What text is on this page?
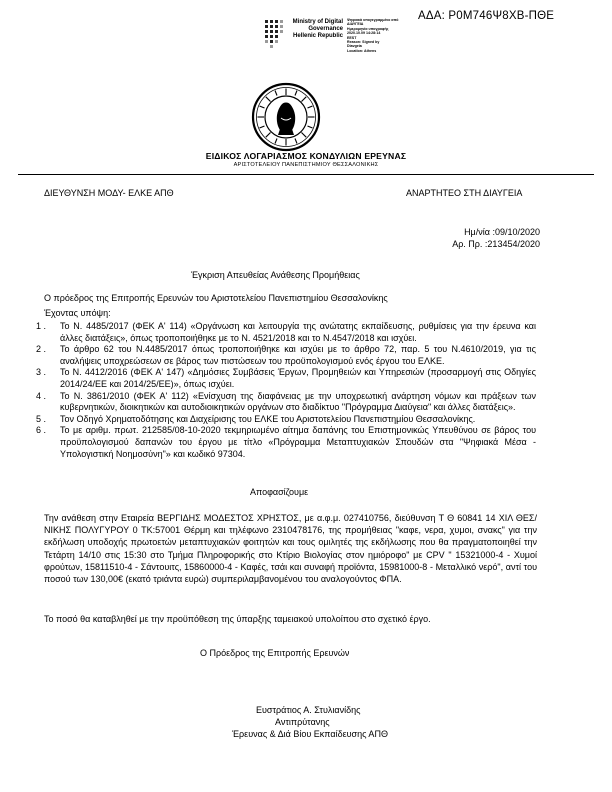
ΑΔΑ: Ρ0Μ746Ψ8ΧΒ-ΠΘΕ
Ministry of Digital
Governance
Hellenic Republic
Ψηφιακά υπογεγραμμένο από
ΔΙΑΥΓΕΙΑ
Ημερομηνία υπογραφής
2020.10.09 14:28:14
EEST
Reason: Signed by
Diavgeia
Location: Athens
ΕΙΔΙΚΟΣ ΛΟΓΑΡΙΑΣΜΟΣ ΚΟΝΔΥΛΙΩΝ ΕΡΕΥΝΑΣ
ΑΡΙΣΤΟΤΕΛΕΙΟΥ ΠΑΝΕΠΙΣΤΗΜΙΟΥ ΘΕΣΣΑΛΟΝΙΚΗΣ
ΔΙΕΥΘΥΝΣΗ ΜΟΔΥ- ΕΛΚΕ ΑΠΘ	ΑΝΑΡΤΗΤΕΟ ΣΤΗ ΔΙΑΥΓΕΙΑ
Ημ/νία :09/10/2020
Αρ. Πρ. :213454/2020
Έγκριση Απευθείας Ανάθεσης Προμήθειας
Ο πρόεδρος της Επιτροπής Ερευνών του Αριστοτελείου Πανεπιστημίου Θεσσαλονίκης
Έχοντας υπόψη:
1 . Το Ν. 4485/2017 (ΦΕΚ Α' 114) «Οργάνωση και λειτουργία της ανώτατης εκπαίδευσης, ρυθμίσεις για την έρευνα και άλλες διατάξεις», όπως τροποποιήθηκε με το Ν. 4521/2018 και το Ν.4547/2018 και ισχύει.
2 . Το άρθρο 62 του Ν.4485/2017 όπως τροποποιήθηκε και ισχύει με το άρθρο 72, παρ. 5 του Ν.4610/2019, για τις αναλήψεις υποχρεώσεων σε βάρος των πιστώσεων του προϋπολογισμού ενός έργου του ΕΛΚΕ.
3 . Το Ν. 4412/2016 (ΦΕΚ Α' 147) «Δημόσιες Συμβάσεις Έργων, Προμηθειών και Υπηρεσιών (προσαρμογή στις Οδηγίες 2014/24/ΕΕ και 2014/25/ΕΕ)», όπως ισχύει.
4 . Το Ν. 3861/2010 (ΦΕΚ Α' 112) «Ενίσχυση της διαφάνειας με την υποχρεωτική ανάρτηση νόμων και πράξεων των κυβερνητικών, διοικητικών και αυτοδιοικητικών οργάνων στο διαδίκτυο "Πρόγραμμα Διαύγεια" και άλλες διατάξεις».
5 . Τον Οδηγό Χρηματοδότησης και Διαχείρισης του ΕΛΚΕ του Αριστοτελείου Πανεπιστημίου Θεσσαλονίκης.
6 . Το με αριθμ. πρωτ. 212585/08-10-2020 τεκμηριωμένο αίτημα δαπάνης του Επιστημονικώς Υπευθύνου σε βάρος του προϋπολογισμού δαπανών του έργου με τίτλο «Πρόγραμμα Μεταπτυχιακών Σπουδών στα "Ψηφιακά Μέσα - Υπολογιστική Νοημοσύνη"» και κωδικό 97304.
Αποφασίζουμε
Την ανάθεση στην Εταιρεία ΒΕΡΓΙΔΗΣ ΜΟΔΕΣΤΟΣ ΧΡΗΣΤΟΣ, με α.φ.μ. 027410756, διεύθυνση Τ Θ 60841 14 ΧΙΛ ΘΕΣ/ΝΙΚΗΣ ΠΟΛΥΓΥΡΟΥ 0 ΤΚ:57001 Θέρμη και τηλέφωνο 2310478176, της προμήθειας "καφε, νερα, χυμοι, σνακς" για την εκδήλωση υποδοχής πρωτοετών μεταπτυχιακών φοιτητών και τους ομιλητές της εκδήλωσης που θα πραγματοποιηθεί την Τετάρτη 14/10 στις 15:30 στο Τμήμα Πληροφορικής στο Κτίριο Βιολογίας στον ημιόροφο" με CPV " 15321000-4 - Χυμοί φρούτων, 15811510-4 - Σάντουιτς, 15860000-4 - Καφές, τσάι και συναφή προϊόντα, 15981000-8 - Μεταλλικό νερό", αντί του ποσού των 130,00€ (εκατό τριάντα ευρώ) συμπεριλαμβανομένου του αναλογούντος ΦΠΑ.
Το ποσό θα καταβληθεί με την προϋπόθεση της ύπαρξης ταμειακού υπολοίπου στο σχετικό έργο.
Ο Πρόεδρος της Επιτροπής Ερευνών
Ευστράτιος Α. Στυλιανίδης
Αντιπρύτανης
Έρευνας & Διά Βίου Εκπαίδευσης ΑΠΘ
